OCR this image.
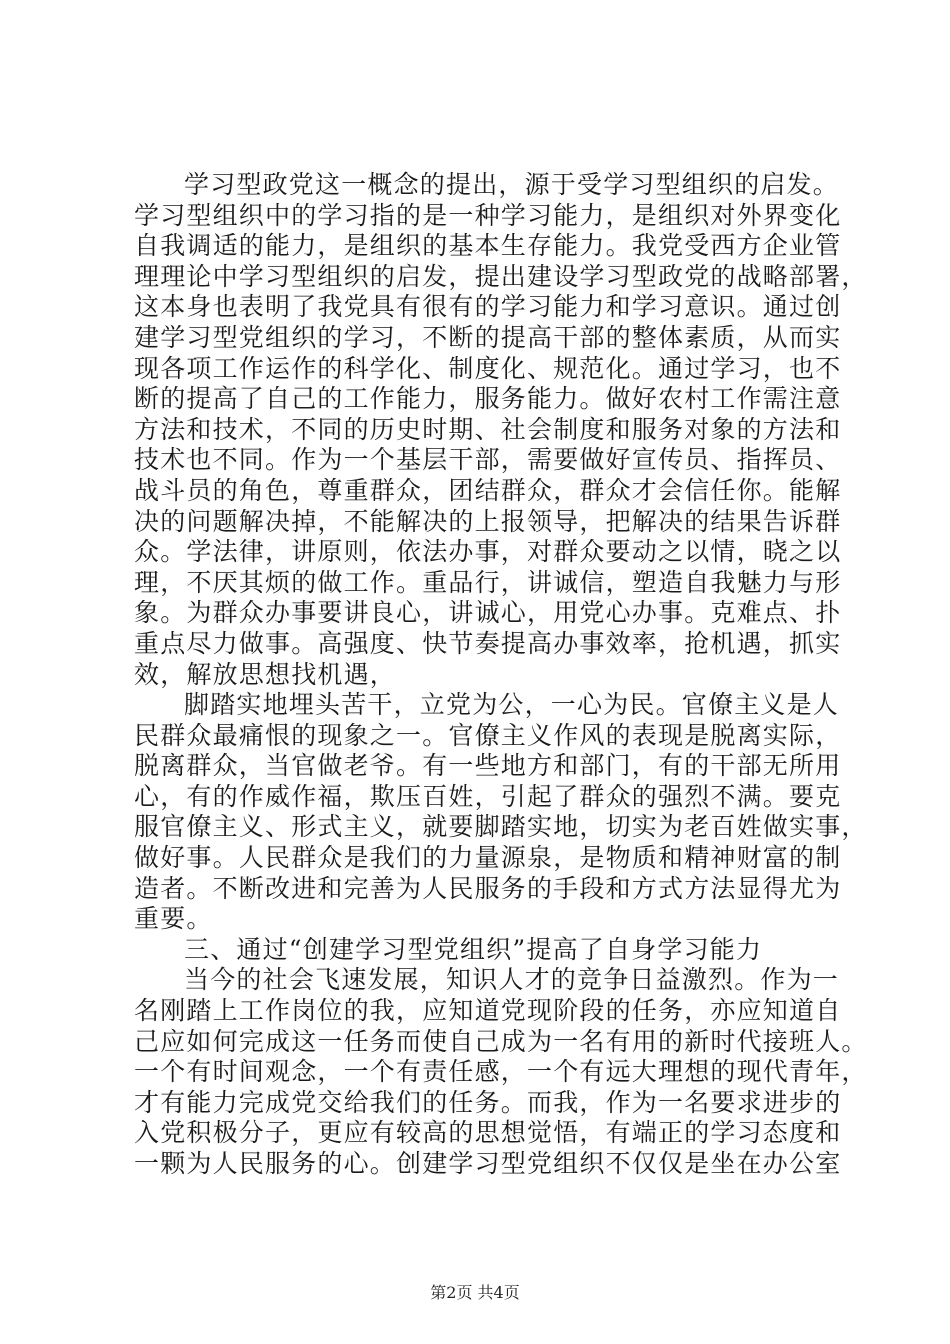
学习型政党这一概念的提出，源于受学习型组织的启发。
学习型组织中的学习指的是一种学习能力，是组织对外界变化
自我调适的能力，是组织的基本生存能力。我党受西方企业管
理理论中学习型组织的启发，提出建设学习型政党的战略部署，
这本身也表明了我党具有很有的学习能力和学习意识。通过创
建学习型党组织的学习，不断的提高干部的整体素质，从而实
现各项工作运作的科学化、制度化、规范化。通过学习，也不
断的提高了自己的工作能力，服务能力。做好农村工作需注意
方法和技术，不同的历史时期、社会制度和服务对象的方法和
技术也不同。作为一个基层干部，需要做好宣传员、指挥员、
战斗员的角色，尊重群众，团结群众，群众才会信任你。能解
决的问题解决掉，不能解决的上报领导，把解决的结果告诉群
众。学法律，讲原则，依法办事，对群众要动之以情，晓之以
理，不厌其烦的做工作。重品行，讲诚信，塑造自我魅力与形
象。为群众办事要讲良心，讲诚心，用党心办事。克难点、扑
重点尽力做事。高强度、快节奏提高办事效率，抢机遇，抓实
效，解放思想找机遇，
脚踏实地埋头苦干，立党为公，一心为民。官僚主义是人
民群众最痛恨的现象之一。官僚主义作风的表现是脱离实际，
脱离群众，当官做老爷。有一些地方和部门，有的干部无所用
心，有的作威作福，欺压百姓，引起了群众的强烈不满。要克
服官僚主义、形式主义，就要脚踏实地，切实为老百姓做实事，
做好事。人民群众是我们的力量源泉，是物质和精神财富的制
造者。不断改进和完善为人民服务的手段和方式方法显得尤为
重要。
三、通过“创建学习型党组织”提高了自身学习能力
当今的社会飞速发展，知识人才的竞争日益激烈。作为一
名刚踏上工作岗位的我，应知道党现阶段的任务，亦应知道自
己应如何完成这一任务而使自己成为一名有用的新时代接班人。
一个有时间观念，一个有责任感，一个有远大理想的现代青年，
才有能力完成党交给我们的任务。而我，作为一名要求进步的
入党积极分子，更应有较高的思想觉悟，有端正的学习态度和
一颗为人民服务的心。创建学习型党组织不仅仅是坐在办公室
第2页 共4页
